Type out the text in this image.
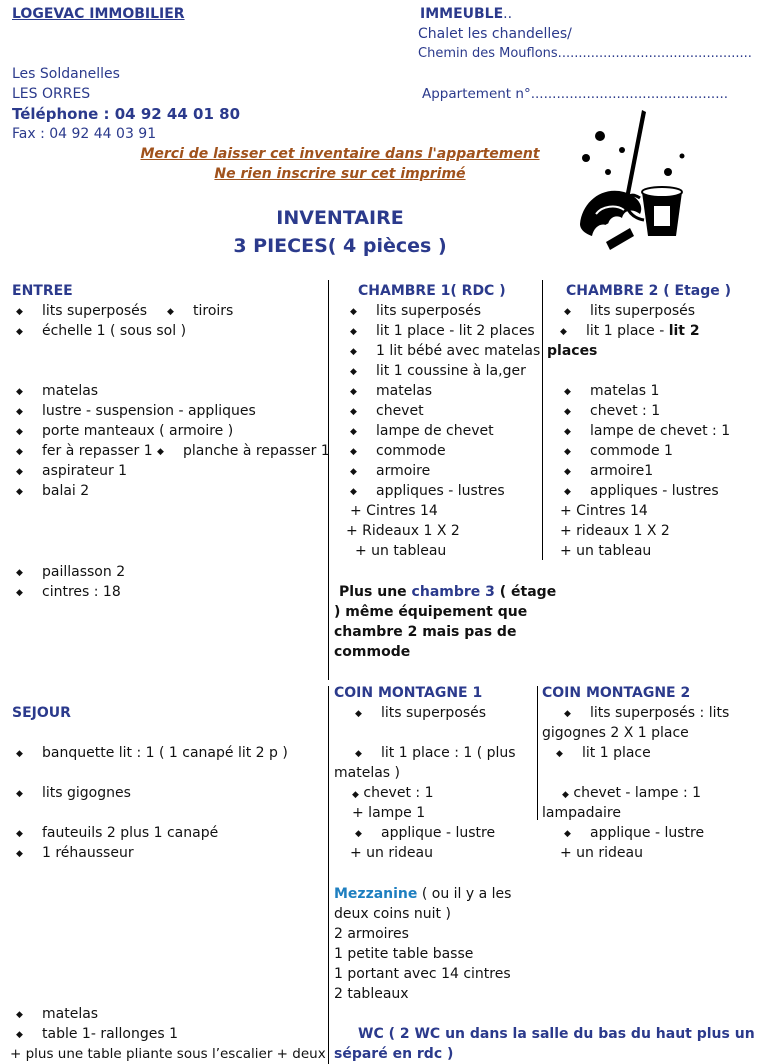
LOGEVAC IMMOBILIER
Les Soldanelles
LES ORRES
Téléphone : 04 92 44 01 80
Fax : 04 92 44 03 91
IMMEUBLE..
Chalet les chandelles/
Chemin des Mouflons...............................................
Appartement n°..............................................
Merci de laisser cet inventaire dans l'appartement
Ne rien inscrire sur cet imprimé
INVENTAIRE
3 PIECES( 4 pièces )
ENTREE
◆ lits superposés	◆ tiroirs
◆ échelle 1 ( sous sol )
◆ matelas
◆ lustre - suspension - appliques
◆ porte manteaux ( armoire )
◆ fer à repasser 1 ◆ planche à repasser 1
◆ aspirateur 1
◆ balai 2
◆ paillasson 2
◆ cintres : 18
CHAMBRE 1( RDC )
◆ lits superposés
◆ lit 1 place - lit 2 places
◆ 1 lit bébé avec matelas
◆ lit 1 coussine à la,ger
◆ matelas
◆ chevet
◆ lampe de chevet
◆ commode
◆ armoire
◆ appliques - lustres
+ Cintres 14
+ Rideaux 1 X 2
+ un tableau
CHAMBRE 2 ( Etage )
◆ lits superposés
◆ lit 1 place - lit 2
places
◆ matelas 1
◆ chevet : 1
◆ lampe de chevet : 1
◆ commode 1
◆ armoire1
◆ appliques - lustres
+ Cintres 14
+ rideaux 1 X 2
+ un tableau
Plus une chambre 3 ( étage
) même équipement que
chambre 2 mais pas de
commode
COIN MONTAGNE 1
◆ lits superposés
◆ lit 1 place : 1 ( plus
matelas )
◆ chevet : 1
+ lampe 1
◆ applique - lustre
+ un rideau
COIN MONTAGNE 2
◆ lits superposés : lits
gigognes 2 X 1 place
◆ lit 1 place
◆ chevet - lampe : 1
lampadaire
◆ applique - lustre
+ un rideau
Mezzanine ( ou il y a les
deux coins nuit )
2 armoires
1 petite table basse
1 portant avec 14 cintres
2 tableaux
SEJOUR
◆ banquette lit : 1 ( 1 canapé lit 2 p )
◆ lits gigognes
◆ fauteuils 2 plus 1 canapé
◆ 1 réhausseur
◆ matelas
◆ table 1- rallonges 1
+ plus une table pliante sous l’escalier + deux
WC ( 2 WC un dans la salle du bas du haut plus un
séparé en rdc )
